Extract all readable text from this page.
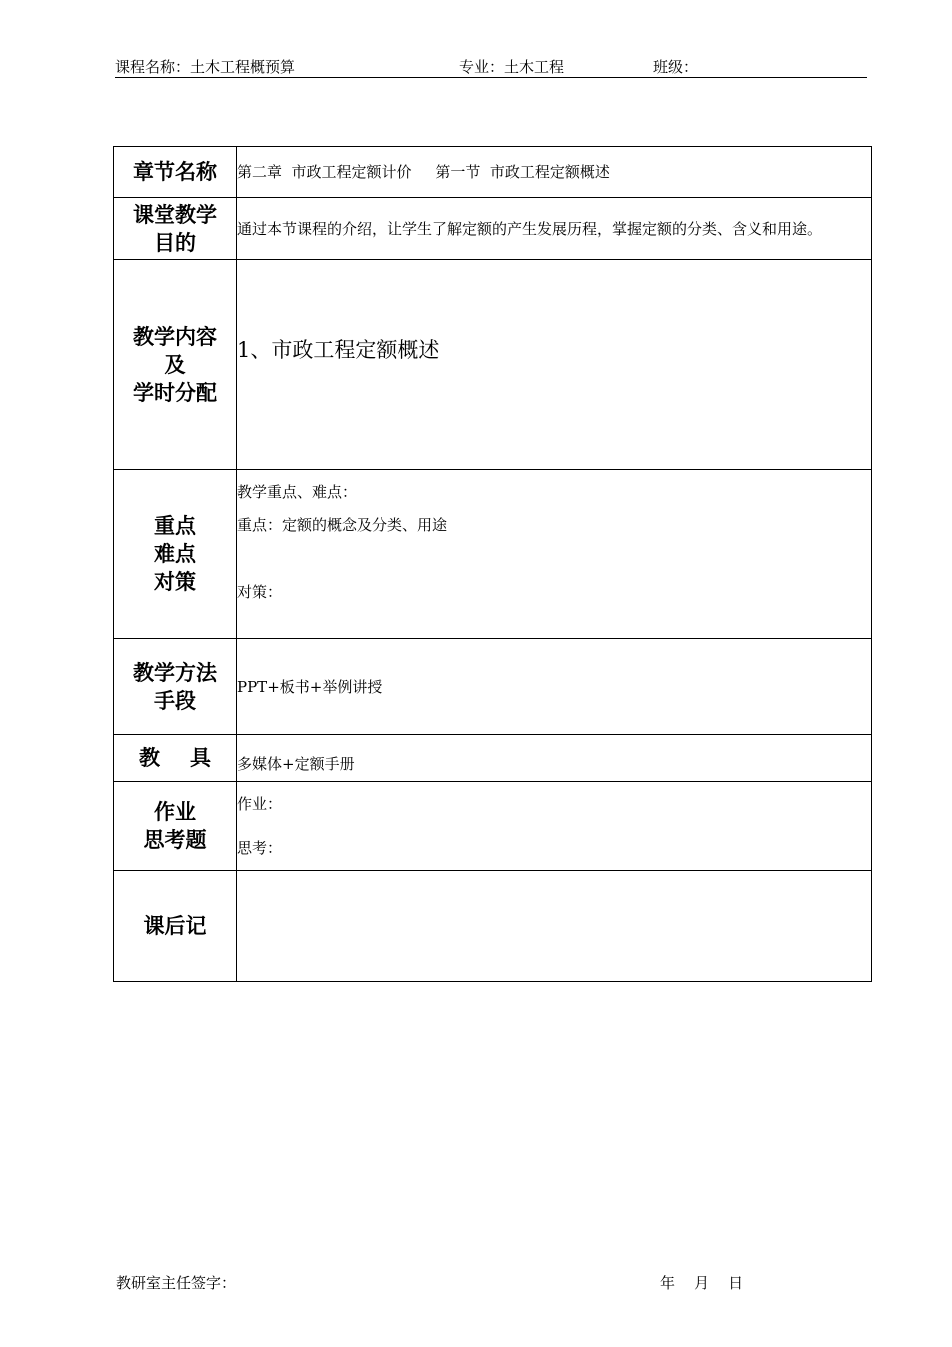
课程名称：土木工程概预算	专业：土木工程	班级：
章节名称	第二章  市政工程定额计价     第一节  市政工程定额概述

课堂教学
目的	通过本节课程的介绍，让学生了解定额的产生发展历程，掌握定额的分类、含义和用途。

教学内容
及
学时分配	1、市政工程定额概述

重点
难点
对策	教学重点、难点：
重点：定额的概念及分类、用途
对策：

教学方法
手段	PPT+板书+举例讲授
教具	多媒体+定额手册

作业
思考题	作业：
思考：

课后记	
教研室主任签字：	年    月    日
